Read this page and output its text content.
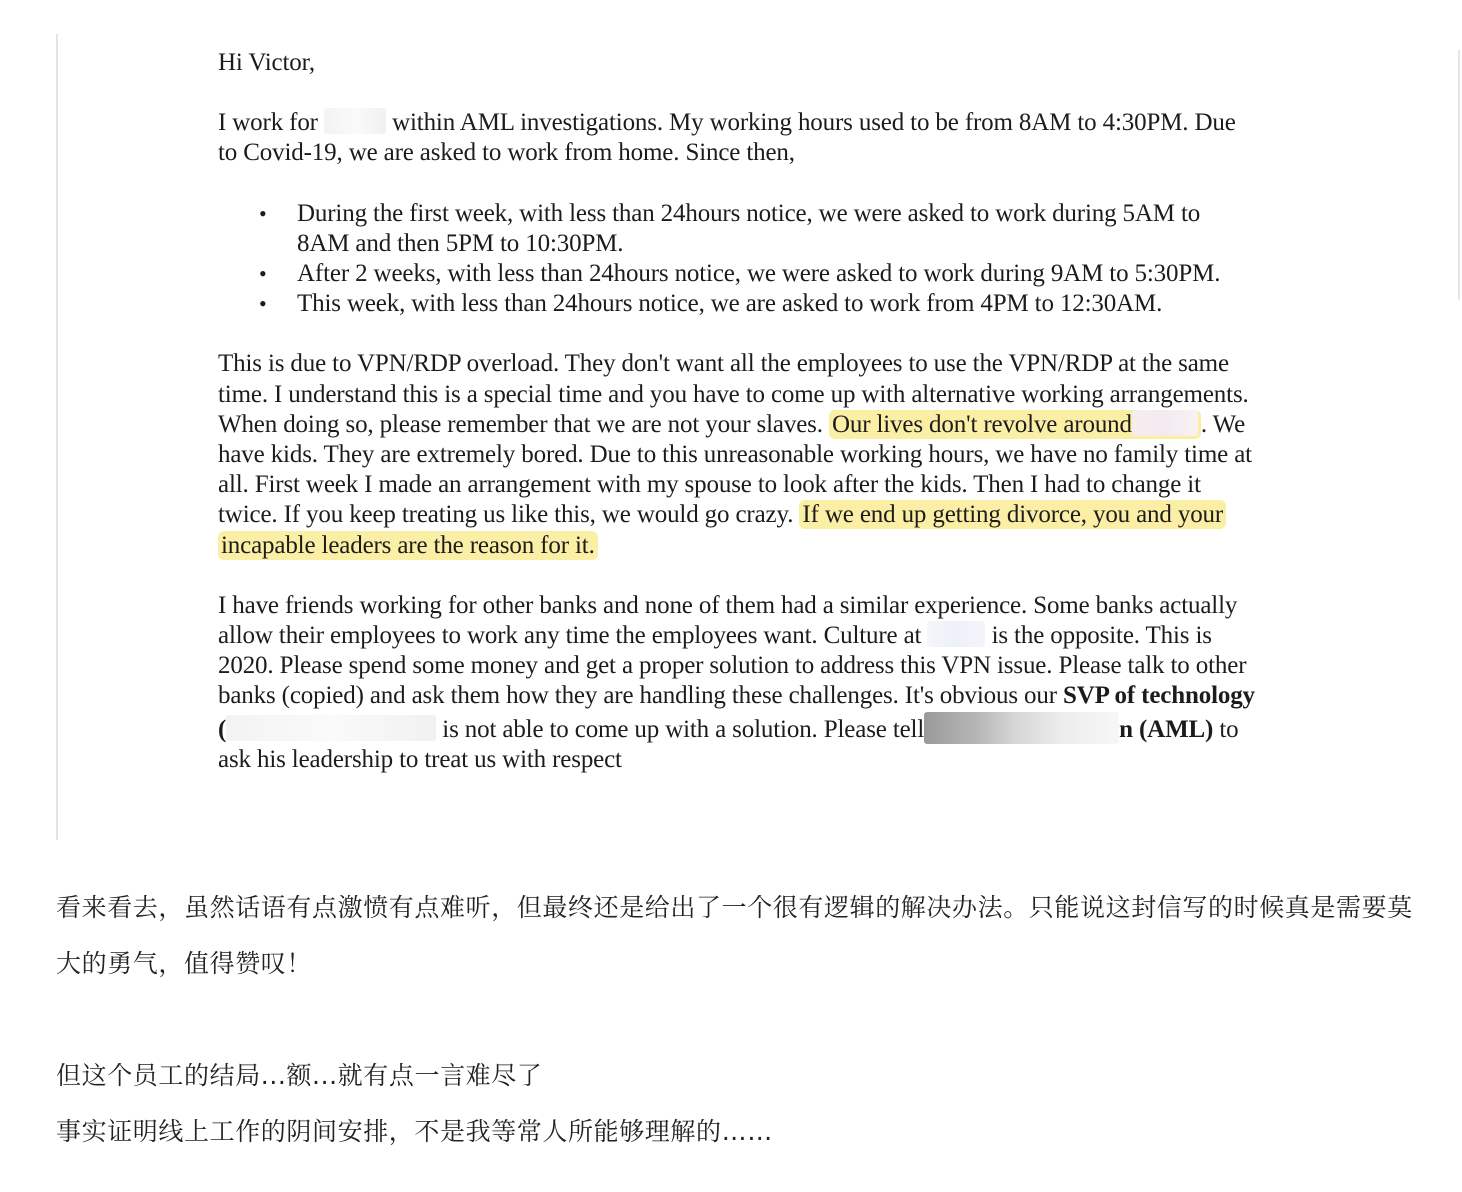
Hi Victor,

I work for	within AML investigations. My working hours used to be from 8AM to 4:30PM. Due to Covid-19, we are asked to work from home. Since then,

• During the first week, with less than 24hours notice, we were asked to work during 5AM to 8AM and then 5PM to 10:30PM.
• After 2 weeks, with less than 24hours notice, we were asked to work during 9AM to 5:30PM.
• This week, with less than 24hours notice, we are asked to work from 4PM to 12:30AM.

This is due to VPN/RDP overload. They don't want all the employees to use the VPN/RDP at the same time. I understand this is a special time and you have to come up with alternative working arrangements. When doing so, please remember that we are not your slaves. Our lives don't revolve around	. We have kids. They are extremely bored. Due to this unreasonable working hours, we have no family time at all. First week I made an arrangement with my spouse to look after the kids. Then I had to change it twice. If you keep treating us like this, we would go crazy. If we end up getting divorce, you and your incapable leaders are the reason for it.

I have friends working for other banks and none of them had a similar experience. Some banks actually allow their employees to work any time the employees want. Culture at	is the opposite. This is 2020. Please spend some money and get a proper solution to address this VPN issue. Please talk to other banks (copied) and ask them how they are handling these challenges. It's obvious our SVP of technology (	is not able to come up with a solution. Please tell	n (AML) to ask his leadership to treat us with respect

看来看去，虽然话语有点激愤有点难听，但最终还是给出了一个很有逻辑的解决办法。只能说这封信写的时候真是需要莫大的勇气，值得赞叹！

但这个员工的结局...额...就有点一言难尽了

事实证明线上工作的阴间安排，不是我等常人所能够理解的……
